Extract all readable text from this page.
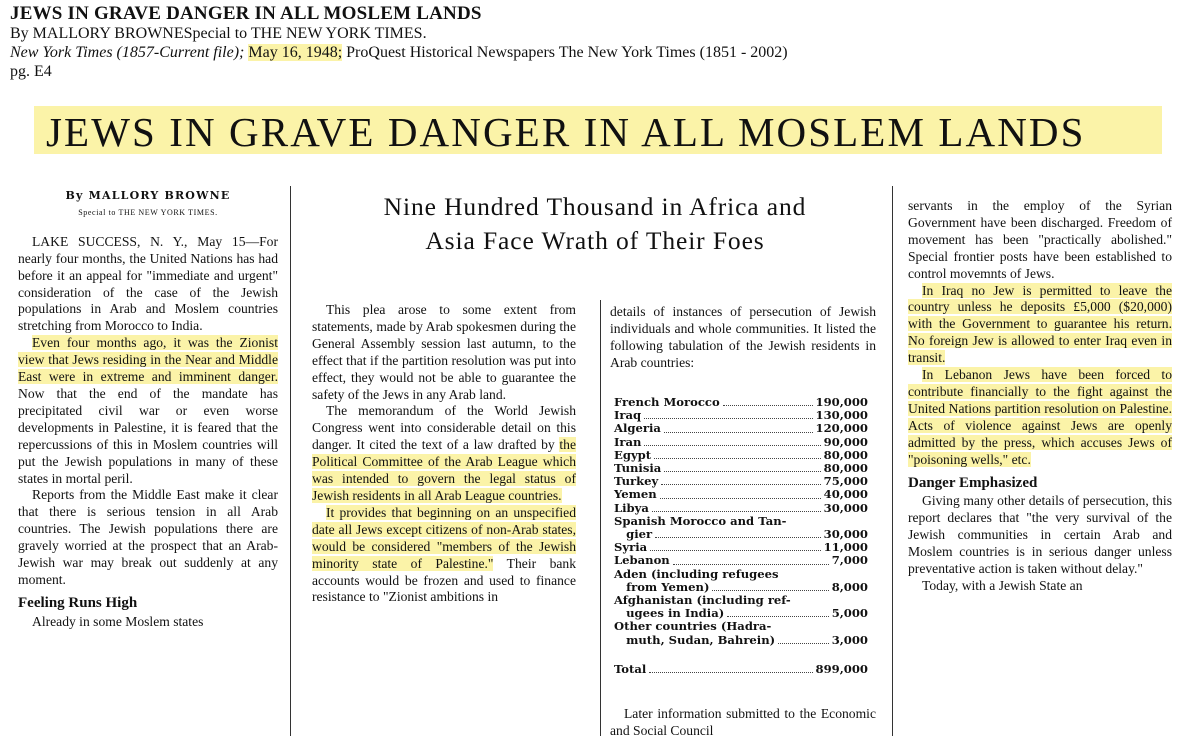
JEWS IN GRAVE DANGER IN ALL MOSLEM LANDS
By MALLORY BROWNESpecial to THE NEW YORK TIMES.
New York Times (1857-Current file); May 16, 1948; ProQuest Historical Newspapers The New York Times (1851 - 2002)
pg. E4
JEWS IN GRAVE DANGER IN ALL MOSLEM LANDS
Nine Hundred Thousand in Africa and
Asia Face Wrath of Their Foes
By MALLORY BROWNE
Special to THE NEW YORK TIMES.

LAKE SUCCESS, N. Y., May 15—For nearly four months, the United Nations has had before it an appeal for "immediate and urgent" consideration of the case of the Jewish populations in Arab and Moslem countries stretching from Morocco to India.

Even four months ago, it was the Zionist view that Jews residing in the Near and Middle East were in extreme and imminent danger. Now that the end of the mandate has precipitated civil war or even worse developments in Palestine, it is feared that the repercussions of this in Moslem countries will put the Jewish populations in many of these states in mortal peril.

Reports from the Middle East make it clear that there is serious tension in all Arab countries. The Jewish populations there are gravely worried at the prospect that an Arab-Jewish war may break out suddenly at any moment.

Feeling Runs High

Already in some Moslem states

This plea arose to some extent from statements, made by Arab spokesmen during the General Assembly session last autumn, to the effect that if the partition resolution was put into effect, they would not be able to guarantee the safety of the Jews in any Arab land.

The memorandum of the World Jewish Congress went into considerable detail on this danger. It cited the text of a law drafted by the Political Committee of the Arab League which was intended to govern the legal status of Jewish residents in all Arab League countries.

It provides that beginning on an unspecified date all Jews except citizens of non-Arab states, would be considered "members of the Jewish minority state of Palestine." Their bank accounts would be frozen and used to finance resistance to "Zionist ambitions in

details of instances of persecution of Jewish individuals and whole communities. It listed the following tabulation of the Jewish residents in Arab countries:

French Morocco	190,000
Iraq	130,000
Algeria	120,000
Iran	90,000
Egypt	80,000
Tunisia	80,000
Turkey	75,000
Yemen	40,000
Libya	30,000
Spanish Morocco and Tan-
gier	30,000
Syria	11,000
Lebanon	7,000
Aden (including refugees
from Yemen)	8,000
Afghanistan (including ref-
ugees in India)	5,000
Other countries (Hadra-
muth, Sudan, Bahrein)	3,000
Total	899,000

Later information submitted to the Economic and Social Council

servants in the employ of the Syrian Government have been discharged. Freedom of movement has been "practically abolished." Special frontier posts have been established to control movemnts of Jews.

In Iraq no Jew is permitted to leave the country unless he deposits £5,000 ($20,000) with the Government to guarantee his return. No foreign Jew is allowed to enter Iraq even in transit.

In Lebanon Jews have been forced to contribute financially to the fight against the United Nations partition resolution on Palestine. Acts of violence against Jews are openly admitted by the press, which accuses Jews of "poisoning wells," etc.

Danger Emphasized

Giving many other details of persecution, this report declares that "the very survival of the Jewish communities in certain Arab and Moslem countries is in serious danger unless preventative action is taken without delay."

Today, with a Jewish State an
